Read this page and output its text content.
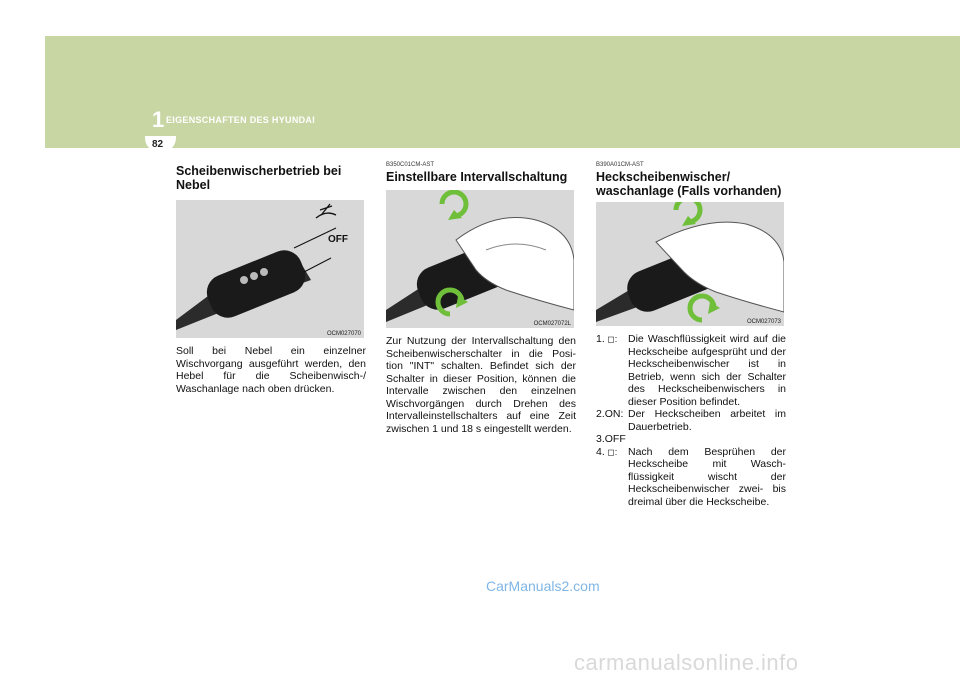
1 EIGENSCHAFTEN DES HYUNDAI
82
Scheibenwischerbetrieb bei Nebel
OFF
OCM027070
Soll bei Nebel ein einzelner Wischvorgang ausgeführt werden, den Hebel für die Scheibenwisch-/ Waschanlage nach oben drücken.
B350C01CM-AST
Einstellbare Intervallschaltung
OCM027072L
Zur Nutzung der Intervallschaltung den Scheibenwischerschalter in die Posi- tion "INT" schalten. Befindet sich der Schalter in dieser Position, können die Intervalle zwischen den einzelnen Wischvorgängen durch Drehen des Intervalleinstellschalters auf eine Zeit zwischen 1 und 18 s eingestellt werden.
B390A01CM-AST
Heckscheibenwischer/ waschanlage (Falls vorhanden)
OCM027073
1. ◻:	Die Waschflüssigkeit wird auf die Heckscheibe aufgesprüht und der Heckscheibenwischer ist in Betrieb, wenn sich der Schalter des Heckscheibenwischers in dieser Position befindet.
2.ON: Der Heckscheiben arbeitet im Dauerbetrieb.
3.OFF
4. ◻:	Nach dem Besprühen der Heckscheibe mit Wasch- flüssigkeit wischt der Heckscheibenwischer zwei- bis dreimal über die Heckscheibe.
CarManuals2.com
carmanualsonline.info
